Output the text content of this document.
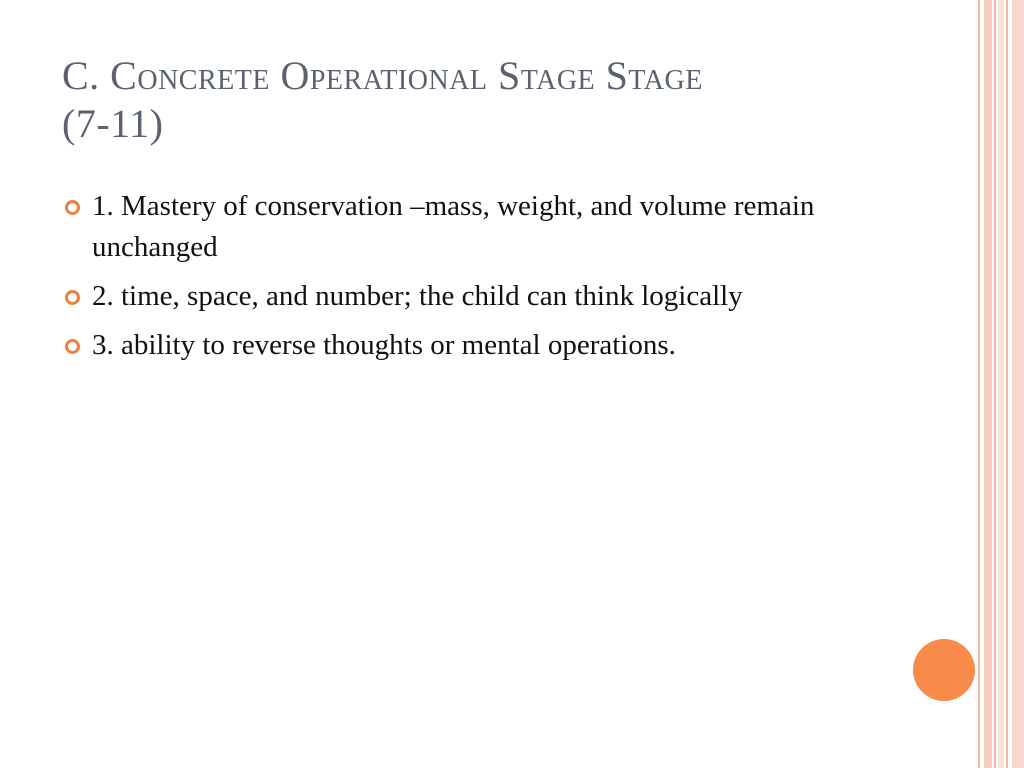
C. Concrete Operational Stage Stage
(7-11)
1. Mastery of conservation –mass, weight, and volume remain unchanged
2. time, space, and number; the child can think logically
3. ability to reverse thoughts or mental operations.
